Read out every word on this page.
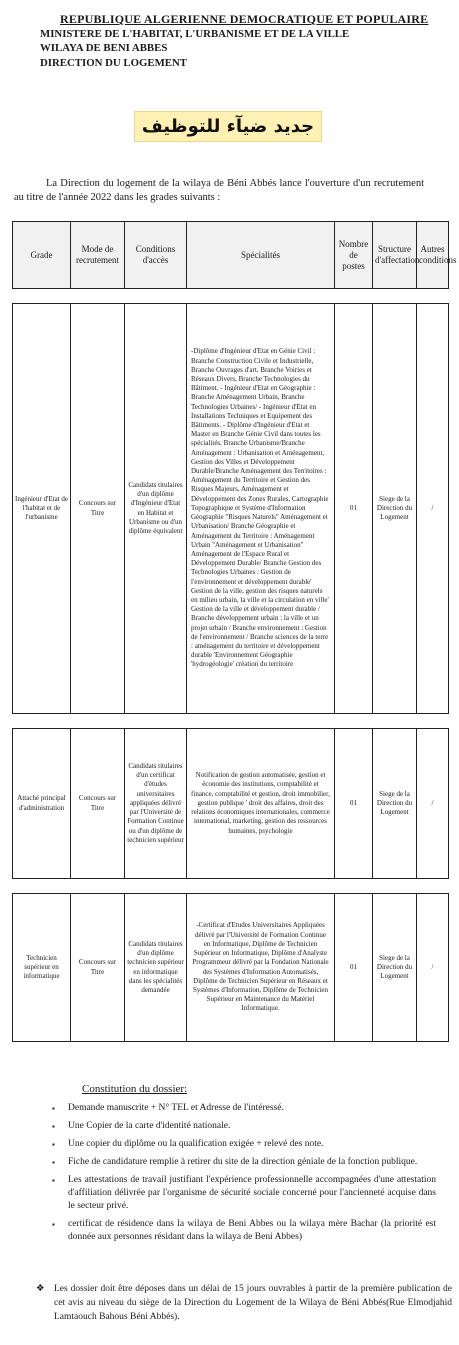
REPUBLIQUE ALGERIENNE DEMOCRATIQUE ET POPULAIRE
MINISTERE DE L'HABITAT, L'URBANISME ET DE LA VILLE
WILAYA DE BENI ABBES
DIRECTION DU LOGEMENT
جديد ضيآء للتوظيف
La Direction du logement de la wilaya de Béni Abbés lance l'ouverture d'un recrutement au titre de l'année 2022 dans les grades suivants :
Grade	Mode de recrutement	Conditions d'accès	Spécialités	Nombre de postes	Structure d'affectation	Autres conditions

Ingénieur d'Etat de l'habitat et de l'urbanisme	Concours sur Titre	Candidats titulaires d'un diplôme d'Ingénieur d'Etat en Habitat et Urbanisme ou d'un diplôme équivalent	-Diplôme d'Ingénieur d'Etat en Génie Civil : Branche Construction Civile et Industrielle, Branche Ouvrages d'art, Branche Voiries et Réseaux Divers, Branche Technologies du Bâtiment. - Ingénieur d'Etat en Géographie : Branche Aménagement Urbain, Branche Technologies Urbaines/ - Ingénieur d'Etat en Installations Techniques et Equipement des Bâtiments. - Diplôme d'Ingénieur d'Etat et Master en Branche Génie Civil dans toutes les spécialités, Branche Urbanisme/Branche Aménagement : Urbanisation et Aménagement, Gestion des Villes et Développement Durable/Branche Aménagement des Territoires : Aménagement du Territoire et Gestion des Risques Majeurs, Aménagement et Développement des Zones Rurales, Cartographie Topographique et Système d'Information Géographie "Risques Naturels" Aménagement et Urbanisation/ Branche Géographie et Aménagement du Territoire : Aménagement Urbain "Aménagement et Urbanisation" Aménagement de l'Espace Rural et Développement Durable/ Branche Gestion des Technologies Urbaines : Gestion de l'environnement et développement durable' Gestion de la ville, gestion des risques naturels en milieu urbain, la ville et la circulation en ville' Gestion de la ville et développement durable / Branche développement urbain : la ville et un projet urbain / Branche environnement : Gestion de l'environnement / Branche sciences de la terre : aménagement du territoire et développement durable 'Environnement Géographie 'hydrogéologie' création du territoire	01	Siege de la Direction du Logement	/

Attaché principal d'administration	Concours sur Titre	Candidats titulaires d'un certificat d'études universitaires appliquées délivré par l'Université de Formation Continue ou d'un diplôme de technicien supérieur	Notification de gestion automatisée, gestion et économie des institutions, comptabilité et finance, comptabilité et gestion, droit immobilier, gestion publique ' droit des affaires, droit des relations économiques internationales, commerce international, marketing, gestion des ressources humaines, psychologie	01	Siege de la Direction du Logement	/

Technicien supérieur en informatique	Concours sur Titre	Candidats titulaires d'un diplôme technicien supérieur en informatique dans les spécialités demandée	-Certificat d'Etudes Universitaires Appliquées délivré par l'Université de Formation Continue en Informatique, Diplôme de Technicien Supérieur en Informatique, Diplôme d'Analyste Programmeur délivré par la Fondation Nationale des Systèmes d'Information Automatisés, Diplôme de Technicien Supérieur en Réseaux et Systèmes d'Information, Diplôme de Technicien Supérieur en Maintenance du Matériel Informatique.	01	Siege de la Direction du Logement	/
Constitution du dossier:
▪ Demande manuscrite + N° TEL et Adresse de l'intéressé.
▪ Une Copier de la carte d'identité nationale.
▪ Une copier du diplôme ou la qualification exigée + relevé des note.
▪ Fiche de candidature remplie à retirer du site de la direction géniale de la fonction publique.
▪ Les attestations de travail justifiant l'expérience professionnelle accompagnées d'une attestation d'affiliation délivrée par l'organisme de sécurité sociale concerné pour l'ancienneté acquise dans le secteur privé.
▪ certificat de résidence dans la wilaya de Beni Abbes ou la wilaya mère Bachar (la priorité est donnée aux personnes résidant dans la wilaya de Beni Abbes)
❖ Les dossier doit être déposes dans un délai de 15 jours ouvrables à partir de la première publication de cet avis au niveau du siège de la Direction du Logement de la Wilaya de Béni Abbés(Rue Elmodjahid Lamtaouch Bahous Béni Abbés).
